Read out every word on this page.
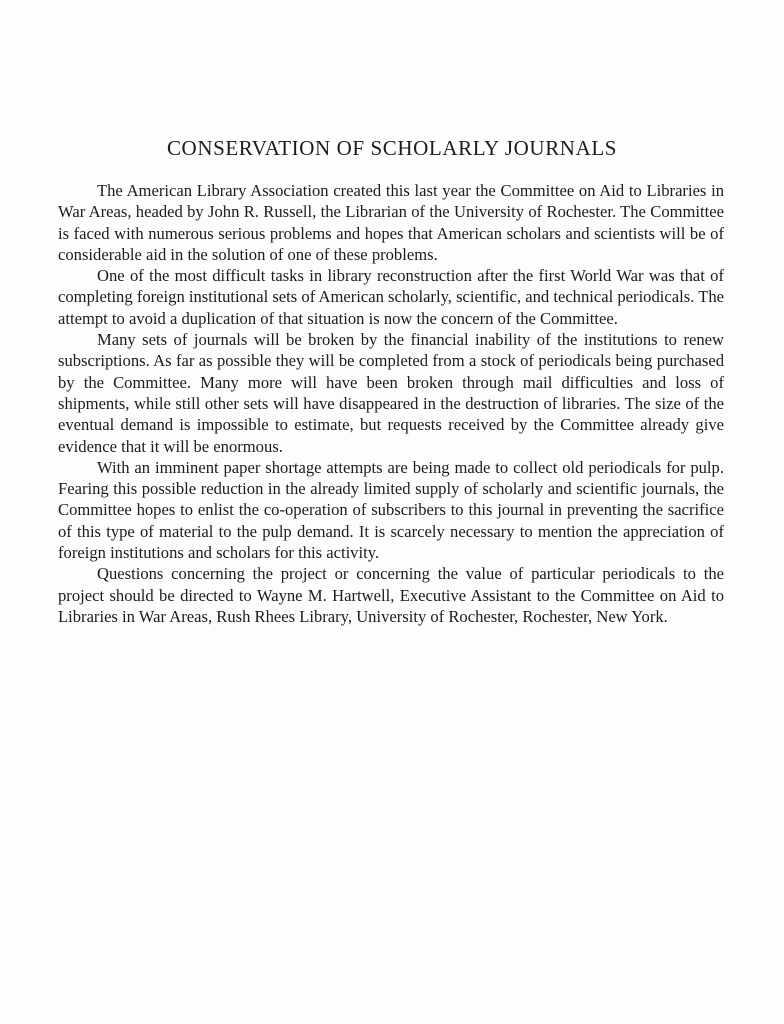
CONSERVATION OF SCHOLARLY JOURNALS

The American Library Association created this last year the Committee on Aid to Libraries in War Areas, headed by John R. Russell, the Librarian of the University of Rochester. The Committee is faced with numerous serious problems and hopes that American scholars and scientists will be of considerable aid in the solution of one of these problems.

One of the most difficult tasks in library reconstruction after the first World War was that of completing foreign institutional sets of American scholarly, scientific, and technical periodicals. The attempt to avoid a duplication of that situation is now the concern of the Committee.

Many sets of journals will be broken by the financial inability of the institutions to renew subscriptions. As far as possible they will be completed from a stock of periodicals being purchased by the Committee. Many more will have been broken through mail difficulties and loss of shipments, while still other sets will have disappeared in the destruction of libraries. The size of the eventual demand is impossible to estimate, but requests received by the Committee already give evidence that it will be enormous.

With an imminent paper shortage attempts are being made to collect old periodicals for pulp. Fearing this possible reduction in the already limited supply of scholarly and scientific journals, the Committee hopes to enlist the co-operation of subscribers to this journal in preventing the sacrifice of this type of material to the pulp demand. It is scarcely necessary to mention the appreciation of foreign institutions and scholars for this activity.

Questions concerning the project or concerning the value of particular periodicals to the project should be directed to Wayne M. Hartwell, Executive Assistant to the Committee on Aid to Libraries in War Areas, Rush Rhees Library, University of Rochester, Rochester, New York.
